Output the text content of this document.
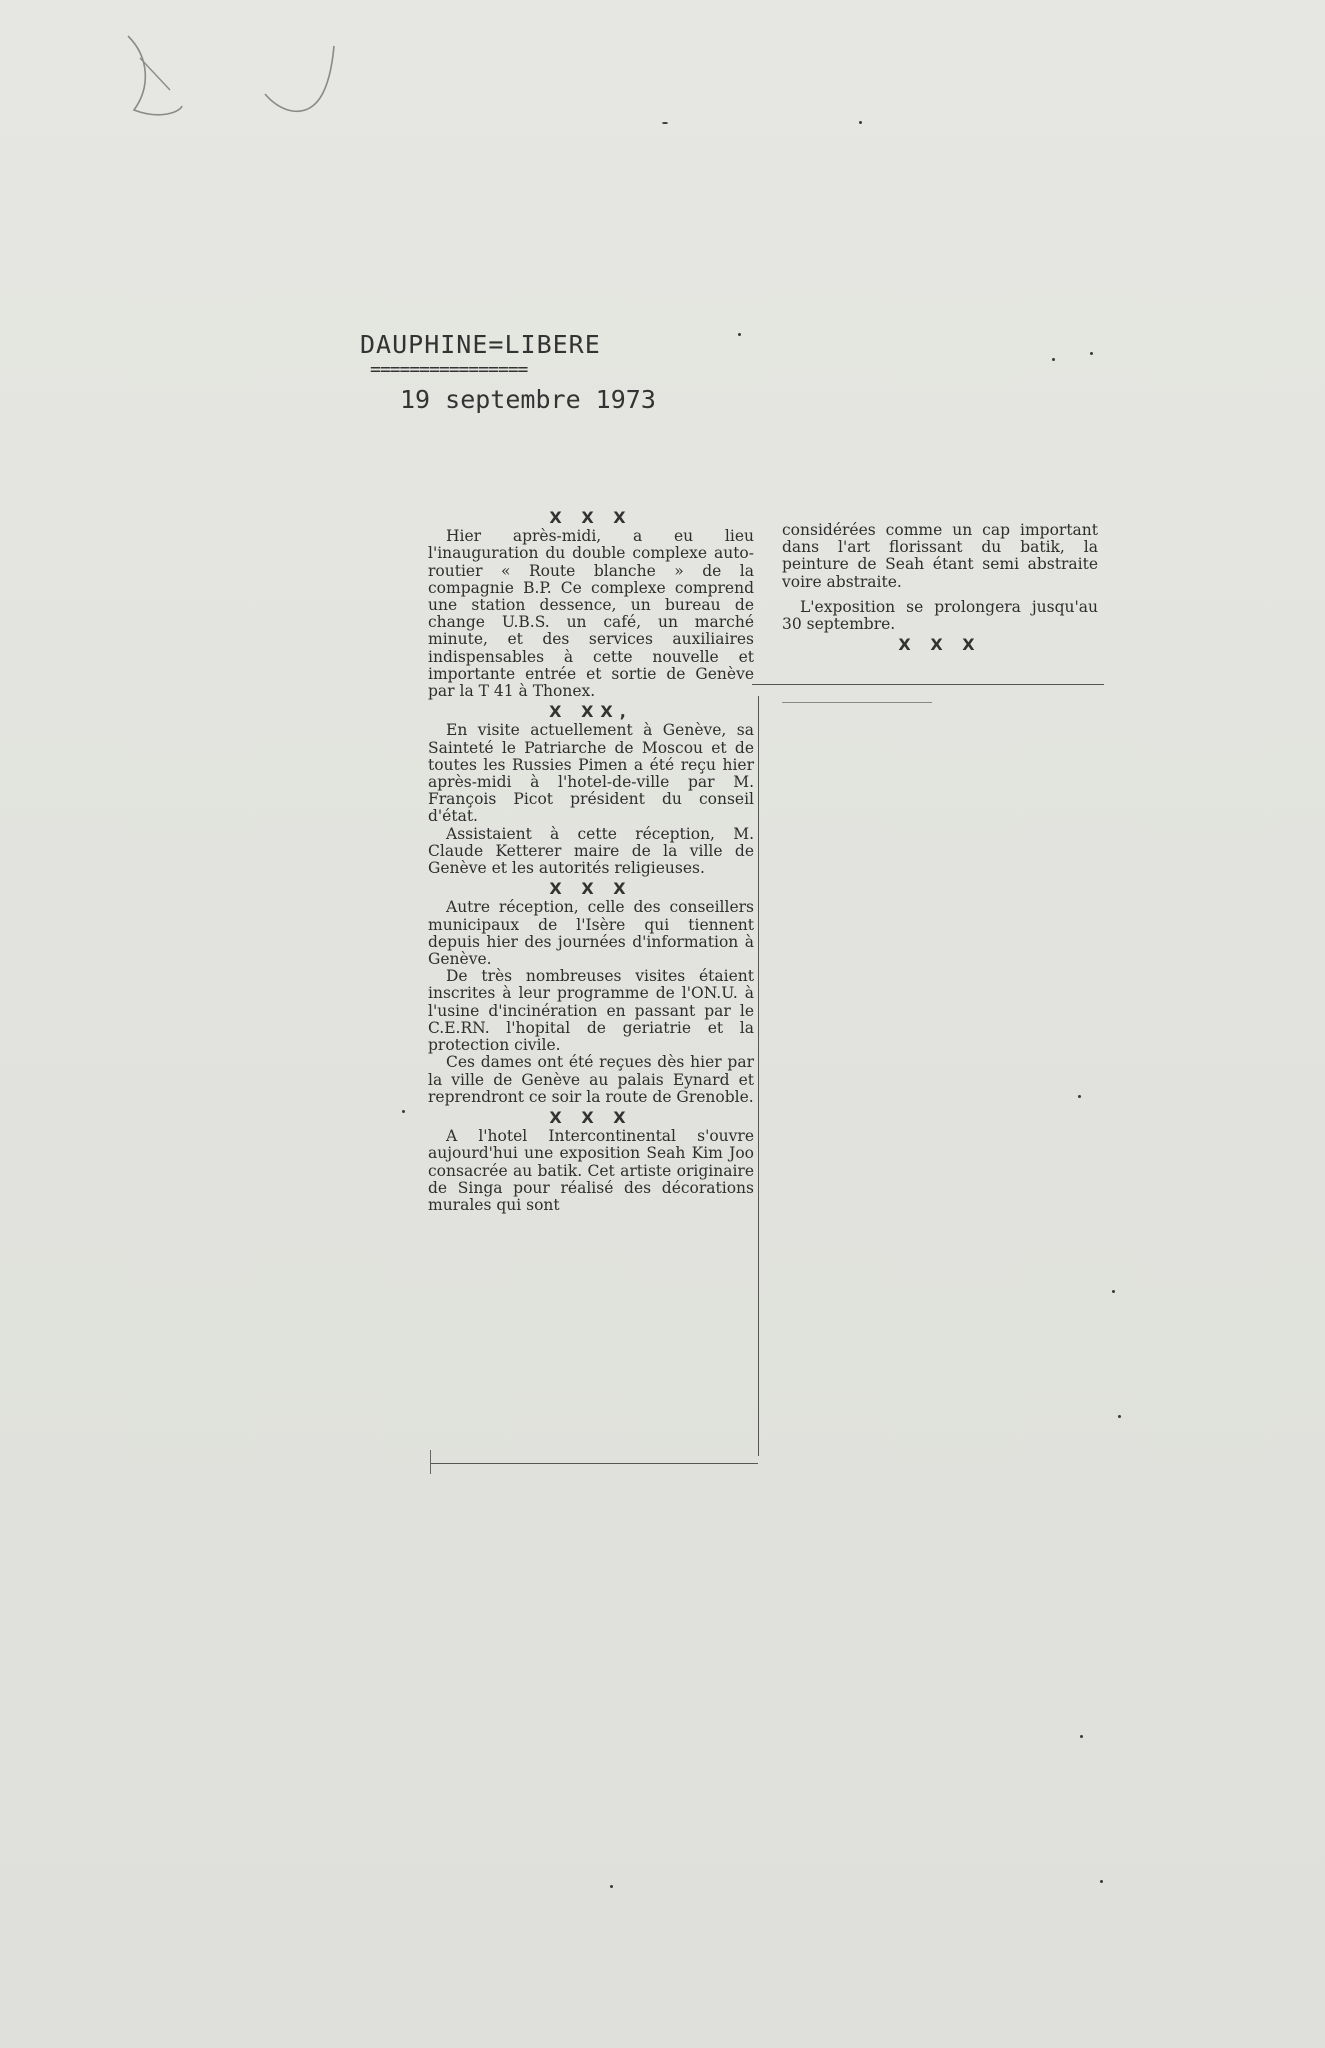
DAUPHINE=LIBERE

================

19 septembre 1973

X X X

Hier après-midi, a eu lieu l'inauguration du double complexe auto-routier « Route blanche » de la compagnie B.P. Ce complexe comprend une station dessence, un bureau de change U.B.S. un café, un marché minute, et des services auxiliaires indispensables à cette nouvelle et importante entrée et sortie de Genève par la T 41 à Thonex.

X XX,

En visite actuellement à Genève, sa Sainteté le Patriarche de Moscou et de toutes les Russies Pimen a été reçu hier après-midi à l'hotel-de-ville par M. François Picot président du conseil d'état.

Assistaient à cette réception, M. Claude Ketterer maire de la ville de Genève et les autorités religieuses.

X X X

Autre réception, celle des conseillers municipaux de l'Isère qui tiennent depuis hier des journées d'information à Genève.

De très nombreuses visites étaient inscrites à leur programme de l'ON.U. à l'usine d'incinération en passant par le C.E.RN. l'hopital de geriatrie et la protection civile.

Ces dames ont été reçues dès hier par la ville de Genève au palais Eynard et reprendront ce soir la route de Grenoble.

X X X

A l'hotel Intercontinental s'ouvre aujourd'hui une exposition Seah Kim Joo consacrée au batik. Cet artiste originaire de Singa pour réalisé des décorations murales qui sont

considérées comme un cap important dans l'art florissant du batik, la peinture de Seah étant semi abstraite voire abstraite.

L'exposition se prolongera jusqu'au 30 septembre.

X X X
